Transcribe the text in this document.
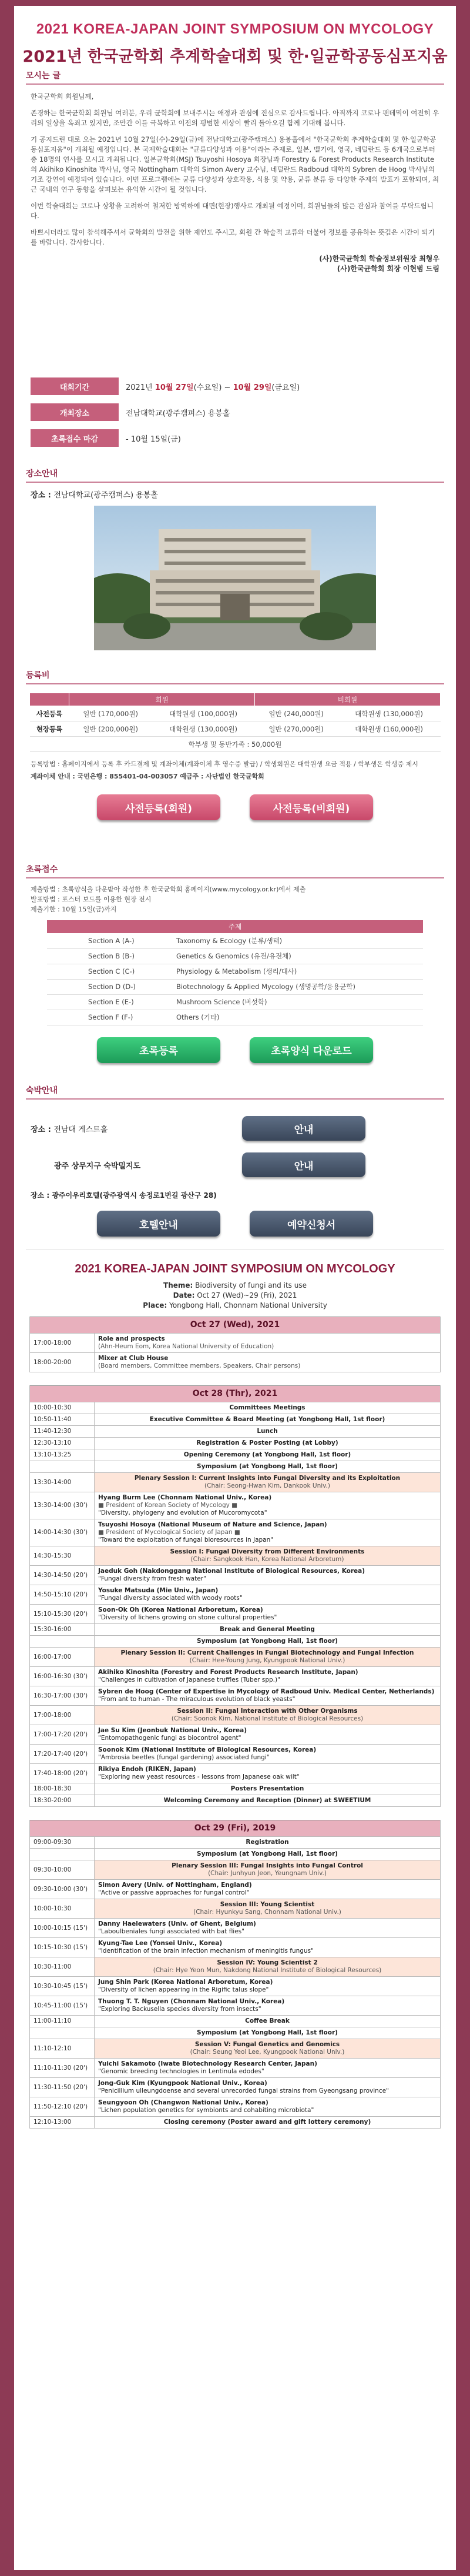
2021 KOREA-JAPAN JOINT SYMPOSIUM ON MYCOLOGY
2021년 한국균학회 추계학술대회 및 한·일균학공동심포지움
모시는 글

한국균학회 회원님께,

존경하는 한국균학회 회원님 여러분, 우리 균학회에 보내주시는 애정과 관심에 진심으로 감사드립니다. 아직까지 코로나 팬데믹이 여전히 우리의 일상을 옥죄고 있지만, 조만간 이를 극복하고 이전의 평범한 세상이 빨리 돌아오길 함께 기대해 봅니다.

기 공지드린 대로 오는 2021년 10월 27일(수)-29일(금)에 전남대학교(광주캠퍼스) 용봉홀에서 "한국균학회 추계학술대회 및 한·일균학공동심포지움"이 개최될 예정입니다. 본 국제학술대회는 "균류다양성과 이용"이라는 주제로, 일본, 벨기에, 영국, 네덜란드 등 6개국으로부터 총 18명의 연사를 모시고 개최됩니다. 일본균학회(MSJ) Tsuyoshi Hosoya 회장님과 Forestry & Forest Products Research Institute의 Akihiko Kinoshita 박사님, 영국 Nottingham 대학의 Simon Avery 교수님, 네덜란드 Radboud 대학의 Sybren de Hoog 박사님의 기조 강연이 예정되어 있습니다. 이번 프로그램에는 균류 다양성과 상호작용, 식용 및 약용, 균류 분류 등 다양한 주제의 발표가 포함되며, 최근 국내외 연구 동향을 살펴보는 유익한 시간이 될 것입니다.

이번 학술대회는 코로나 상황을 고려하여 철저한 방역하에 대면(현장)행사로 개최될 예정이며, 회원님들의 많은 관심과 참여를 부탁드립니다.

바쁘시더라도 많이 참석해주셔서 균학회의 발전을 위한 제언도 주시고, 회원 간 학술적 교류와 더불어 정보를 공유하는 뜻깊은 시간이 되기를 바랍니다. 감사합니다.

(사)한국균학회 학술정보위원장 최형우
(사)한국균학회 회장 이현범 드림
대회기간	2021년 10월 27일(수요일) ~ 10월 29일(금요일)
개최장소	전남대학교(광주캠퍼스) 용봉홀
초록접수 마감	- 10월 15일(금)
장소안내
장소 : 전남대학교(광주캠퍼스) 용봉홀
등록비
	회원		비회원	
사전등록	일반 (170,000원)	대학원생 (100,000원)	일반 (240,000원)	대학원생 (130,000원)
현장등록	일반 (200,000원)	대학원생 (130,000원)	일반 (270,000원)	대학원생 (160,000원)
학부생 및 동반가족 : 50,000원				
등록방법 : 홈페이지에서 등록 후 카드결제 및 계좌이체(계좌이체 후 영수증 발급) / 학생회원은 대학원생 요금 적용 / 학부생은 학생증 제시
계좌이체 안내 : 국민은행 : 855401-04-003057 예금주 : 사단법인 한국균학회
사전등록(회원)	사전등록(비회원)
초록접수
제출방법 : 초록양식을 다운받아 작성한 후 한국균학회 홈페이지(www.mycology.or.kr)에서 제출
발표방법 : 포스터 보드를 이용한 현장 전시
제출기한 : 10월 15일(금)까지
주제	
Section A (A-)	Taxonomy & Ecology (분류/생태)
Section B (B-)	Genetics & Genomics (유전/유전체)
Section C (C-)	Physiology & Metabolism (생리/대사)
Section D (D-)	Biotechnology & Applied Mycology (생명공학/응용균학)
Section E (E-)	Mushroom Science (버섯학)
Section F (F-)	Others (기타)
초록등록	초록양식 다운로드
숙박안내
장소 : 전남대 게스트홀	안내
광주 상무지구 숙박밀지도	안내
장소 : 광주이우리호텔(광주광역시 송정로1번길 광산구 28)
호텔안내	예약신청서
2021 KOREA-JAPAN JOINT SYMPOSIUM ON MYCOLOGY
Theme: Biodiversity of fungi and its use
Date: Oct 27 (Wed)~29 (Fri), 2021
Place: Yongbong Hall, Chonnam National University
Oct 27 (Wed), 2021	
17:00-18:00	Role and prospects
(Ahn-Heum Eom, Korea National University of Education)

18:00-20:00	Mixer at Club House
(Board members, Committee members, Speakers, Chair persons)
Oct 28 (Thr), 2021	
10:00-10:30	Committees Meetings

10:50-11:40	Executive Committee & Board Meeting (at Yongbong Hall, 1st floor)

11:40-12:30	Lunch

12:30-13:10	Registration & Poster Posting (at Lobby)

13:10-13:25	Opening Ceremony (at Yongbong Hall, 1st floor)

	Symposium (at Yongbong Hall, 1st floor)

13:30-14:00	Plenary Session I: Current Insights into Fungal Diversity and its Exploitation
(Chair: Seong-Hwan Kim, Dankook Univ.)

13:30-14:00 (30')	Hyang Burm Lee (Chonnam National Univ., Korea)
■ President of Korean Society of Mycology ■
"Diversity, phylogeny and evolution of Mucoromycota"

14:00-14:30 (30')	Tsuyoshi Hosoya (National Museum of Nature and Science, Japan)
■ President of Mycological Society of Japan ■
"Toward the exploitation of fungal bioresources in Japan"

14:30-15:30	Session I: Fungal Diversity from Different Environments
(Chair: Sangkook Han, Korea National Arboretum)

14:30-14:50 (20')	Jaeduk Goh (Nakdonggang National Institute of Biological Resources, Korea)
"Fungal diversity from fresh water"

14:50-15:10 (20')	Yosuke Matsuda (Mie Univ., Japan)
"Fungal diversity associated with woody roots"

15:10-15:30 (20')	Soon-Ok Oh (Korea National Arboretum, Korea)
"Diversity of lichens growing on stone cultural properties"

15:30-16:00	Break and General Meeting

	Symposium (at Yongbong Hall, 1st floor)

16:00-17:00	Plenary Session II: Current Challenges in Fungal Biotechnology and Fungal Infection
(Chair: Hee-Young Jung, Kyungpook National Univ.)

16:00-16:30 (30')	Akihiko Kinoshita (Forestry and Forest Products Research Institute, Japan)
"Challenges in cultivation of Japanese truffles (Tuber spp.)"

16:30-17:00 (30')	Sybren de Hoog (Center of Expertise in Mycology of Radboud Univ. Medical Center, Netherlands)
"From ant to human - The miraculous evolution of black yeasts"

17:00-18:00	Session II: Fungal Interaction with Other Organisms
(Chair: Soonok Kim, National Institute of Biological Resources)

17:00-17:20 (20')	Jae Su Kim (Jeonbuk National Univ., Korea)
"Entomopathogenic fungi as biocontrol agent"

17:20-17:40 (20')	Soonok Kim (National Institute of Biological Resources, Korea)
"Ambrosia beetles (fungal gardening) associated fungi"

17:40-18:00 (20')	Rikiya Endoh (RIKEN, Japan)
"Exploring new yeast resources - lessons from Japanese oak wilt"

18:00-18:30	Posters Presentation

18:30-20:00	Welcoming Ceremony and Reception (Dinner) at SWEETIUM
Oct 29 (Fri), 2019	
09:00-09:30	Registration

	Symposium (at Yongbong Hall, 1st floor)

09:30-10:00	Plenary Session III: Fungal Insights into Fungal Control
(Chair: Junhyun Jeon, Yeungnam Univ.)

09:30-10:00 (30')	Simon Avery (Univ. of Nottingham, England)
"Active or passive approaches for fungal control"

10:00-10:30	Session III: Young Scientist
(Chair: Hyunkyu Sang, Chonnam National Univ.)

10:00-10:15 (15')	Danny Haelewaters (Univ. of Ghent, Belgium)
"Laboulbeniales fungi associated with bat flies"

10:15-10:30 (15')	Kyung-Tae Lee (Yonsei Univ., Korea)
"Identification of the brain infection mechanism of meningitis fungus"

10:30-11:00	Session IV: Young Scientist 2
(Chair: Hye Yeon Mun, Nakdong National Institute of Biological Resources)

10:30-10:45 (15')	Jung Shin Park (Korea National Arboretum, Korea)
"Diversity of lichen appearing in the Rigific talus slope"

10:45-11:00 (15')	Thuong T. T. Nguyen (Chonnam National Univ., Korea)
"Exploring Backusella species diversity from insects"

11:00-11:10	Coffee Break

	Symposium (at Yongbong Hall, 1st floor)

11:10-12:10	Session V: Fungal Genetics and Genomics
(Chair: Seung Yeol Lee, Kyungpook National Univ.)

11:10-11:30 (20')	Yuichi Sakamoto (Iwate Biotechnology Research Center, Japan)
"Genomic breeding technologies in Lentinula edodes"

11:30-11:50 (20')	Jong-Guk Kim (Kyungpook National Univ., Korea)
"Penicillium ulleungdoense and several unrecorded fungal strains from Gyeongsang province"

11:50-12:10 (20')	Seungyoon Oh (Changwon National Univ., Korea)
"Lichen population genetics for symbionts and cohabiting microbiota"

12:10-13:00	Closing ceremony (Poster award and gift lottery ceremony)
